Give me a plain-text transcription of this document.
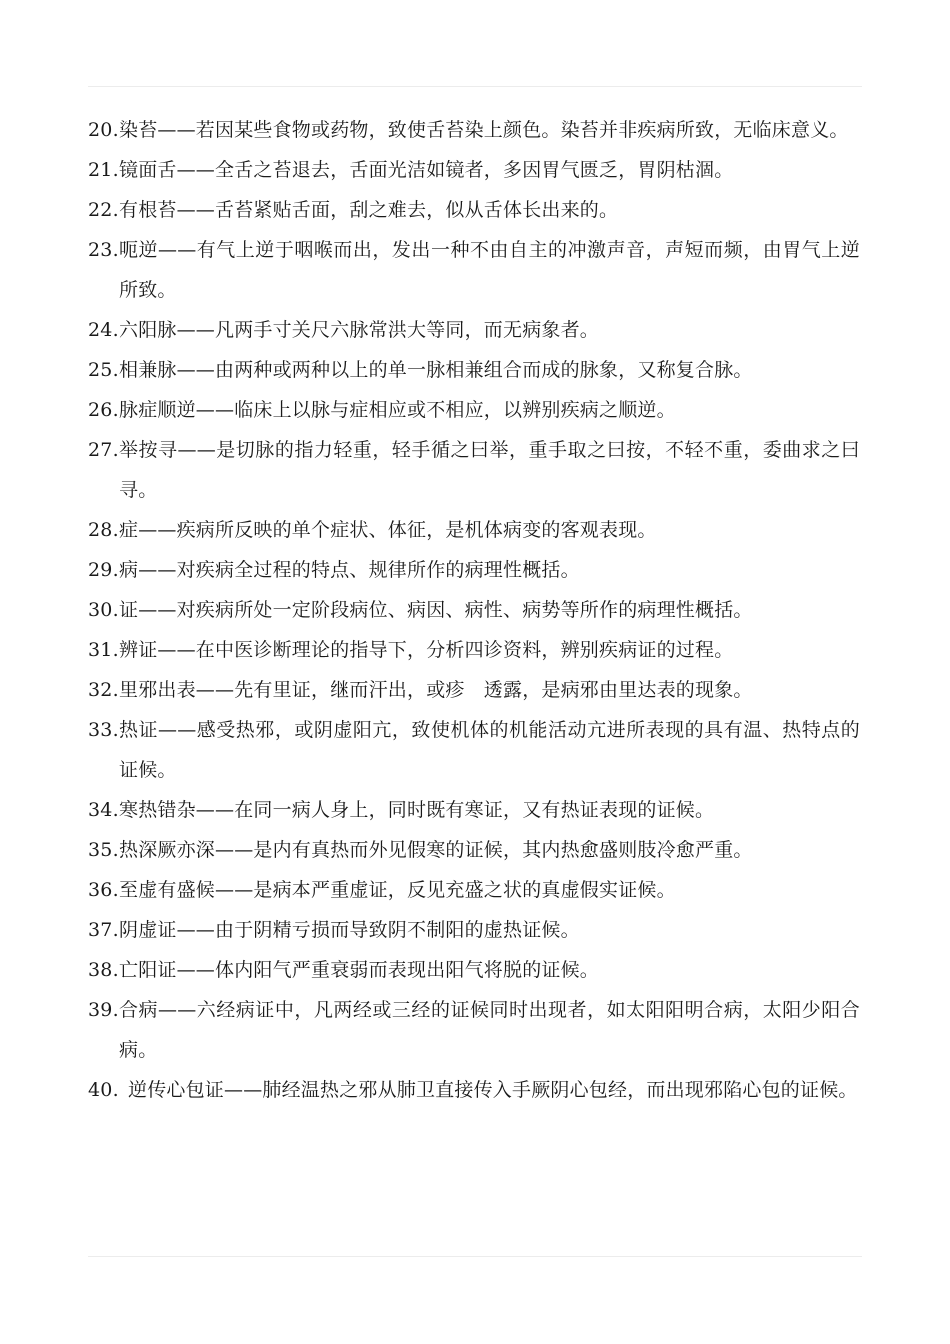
20. 染苔——若因某些食物或药物，致使舌苔染上颜色。染苔并非疾病所致，无临床意义。
21. 镜面舌——全舌之苔退去，舌面光洁如镜者，多因胃气匮乏，胃阴枯涸。
22. 有根苔——舌苔紧贴舌面，刮之难去，似从舌体长出来的。
23. 呃逆——有气上逆于咽喉而出，发出一种不由自主的冲激声音，声短而频，由胃气上逆所致。
24. 六阳脉——凡两手寸关尺六脉常洪大等同，而无病象者。
25. 相兼脉——由两种或两种以上的单一脉相兼组合而成的脉象，又称复合脉。
26. 脉症顺逆——临床上以脉与症相应或不相应，以辨别疾病之顺逆。
27. 举按寻——是切脉的指力轻重，轻手循之曰举，重手取之曰按，不轻不重，委曲求之曰寻。
28. 症——疾病所反映的单个症状、体征，是机体病变的客观表现。
29. 病——对疾病全过程的特点、规律所作的病理性概括。
30. 证——对疾病所处一定阶段病位、病因、病性、病势等所作的病理性概括。
31. 辨证——在中医诊断理论的指导下，分析四诊资料，辨别疾病证的过程。
32. 里邪出表——先有里证，继而汗出，或疹　透露，是病邪由里达表的现象。
33. 热证——感受热邪，或阴虚阳亢，致使机体的机能活动亢进所表现的具有温、热特点的证候。
34. 寒热错杂——在同一病人身上，同时既有寒证，又有热证表现的证候。
35. 热深厥亦深——是内有真热而外见假寒的证候，其内热愈盛则肢冷愈严重。
36. 至虚有盛候——是病本严重虚证，反见充盛之状的真虚假实证候。
37. 阴虚证——由于阴精亏损而导致阴不制阳的虚热证候。
38. 亡阳证——体内阳气严重衰弱而表现出阳气将脱的证候。
39. 合病——六经病证中，凡两经或三经的证候同时出现者，如太阳阳明合病，太阳少阳合病。
40. 逆传心包证——肺经温热之邪从肺卫直接传入手厥阴心包经，而出现邪陷心包的证候。
